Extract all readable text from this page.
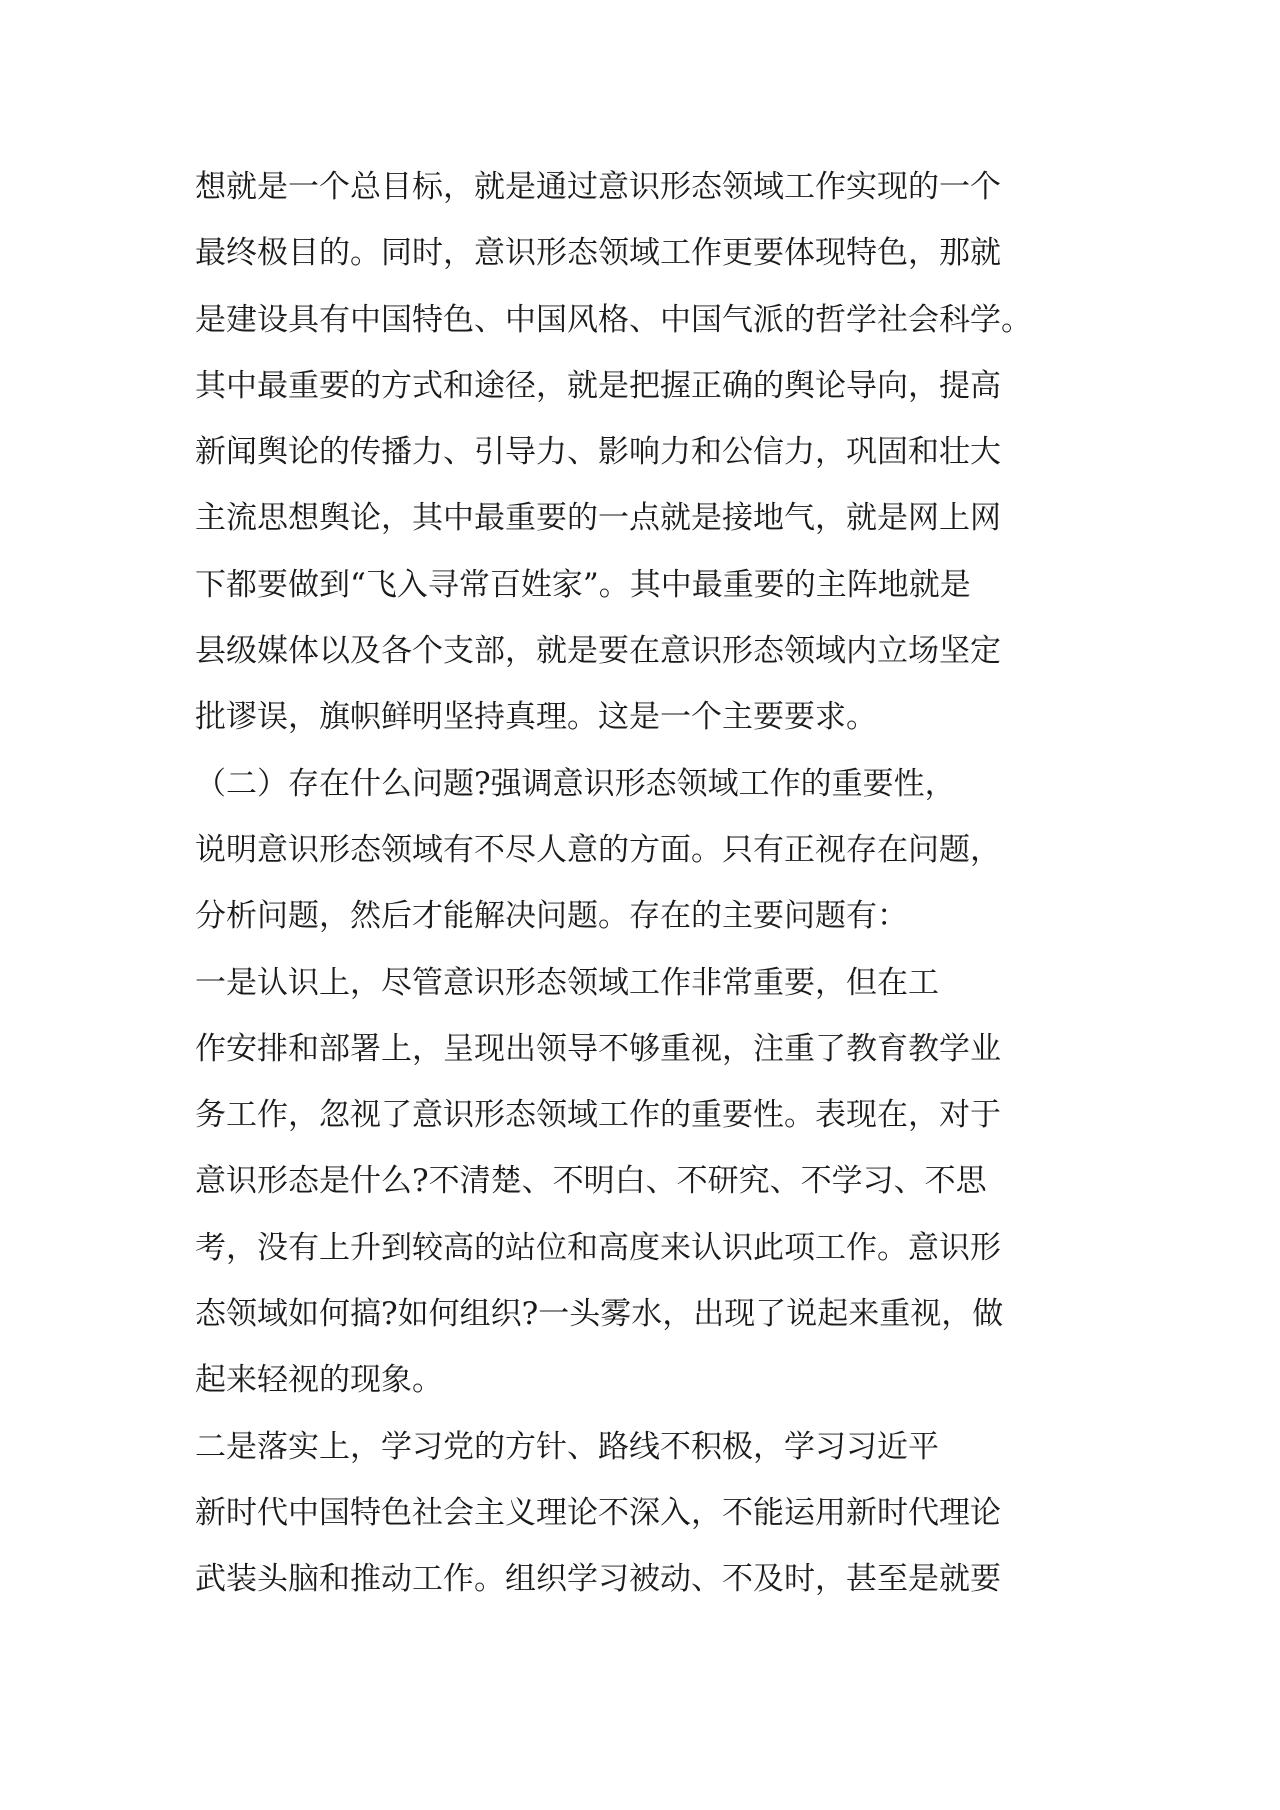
想就是一个总目标，就是通过意识形态领域工作实现的一个
最终极目的。同时，意识形态领域工作更要体现特色，那就
是建设具有中国特色、中国风格、中国气派的哲学社会科学。
其中最重要的方式和途径，就是把握正确的舆论导向，提高
新闻舆论的传播力、引导力、影响力和公信力，巩固和壮大
主流思想舆论，其中最重要的一点就是接地气，就是网上网
下都要做到“飞入寻常百姓家”。其中最重要的主阵地就是
县级媒体以及各个支部，就是要在意识形态领域内立场坚定
批谬误，旗帜鲜明坚持真理。这是一个主要要求。
（二）存在什么问题?强调意识形态领域工作的重要性，
说明意识形态领域有不尽人意的方面。只有正视存在问题，
分析问题，然后才能解决问题。存在的主要问题有：
一是认识上，尽管意识形态领域工作非常重要，但在工
作安排和部署上，呈现出领导不够重视，注重了教育教学业
务工作，忽视了意识形态领域工作的重要性。表现在，对于
意识形态是什么?不清楚、不明白、不研究、不学习、不思
考，没有上升到较高的站位和高度来认识此项工作。意识形
态领域如何搞?如何组织?一头雾水，出现了说起来重视，做
起来轻视的现象。
二是落实上，学习党的方针、路线不积极，学习习近平
新时代中国特色社会主义理论不深入，不能运用新时代理论
武装头脑和推动工作。组织学习被动、不及时，甚至是就要
